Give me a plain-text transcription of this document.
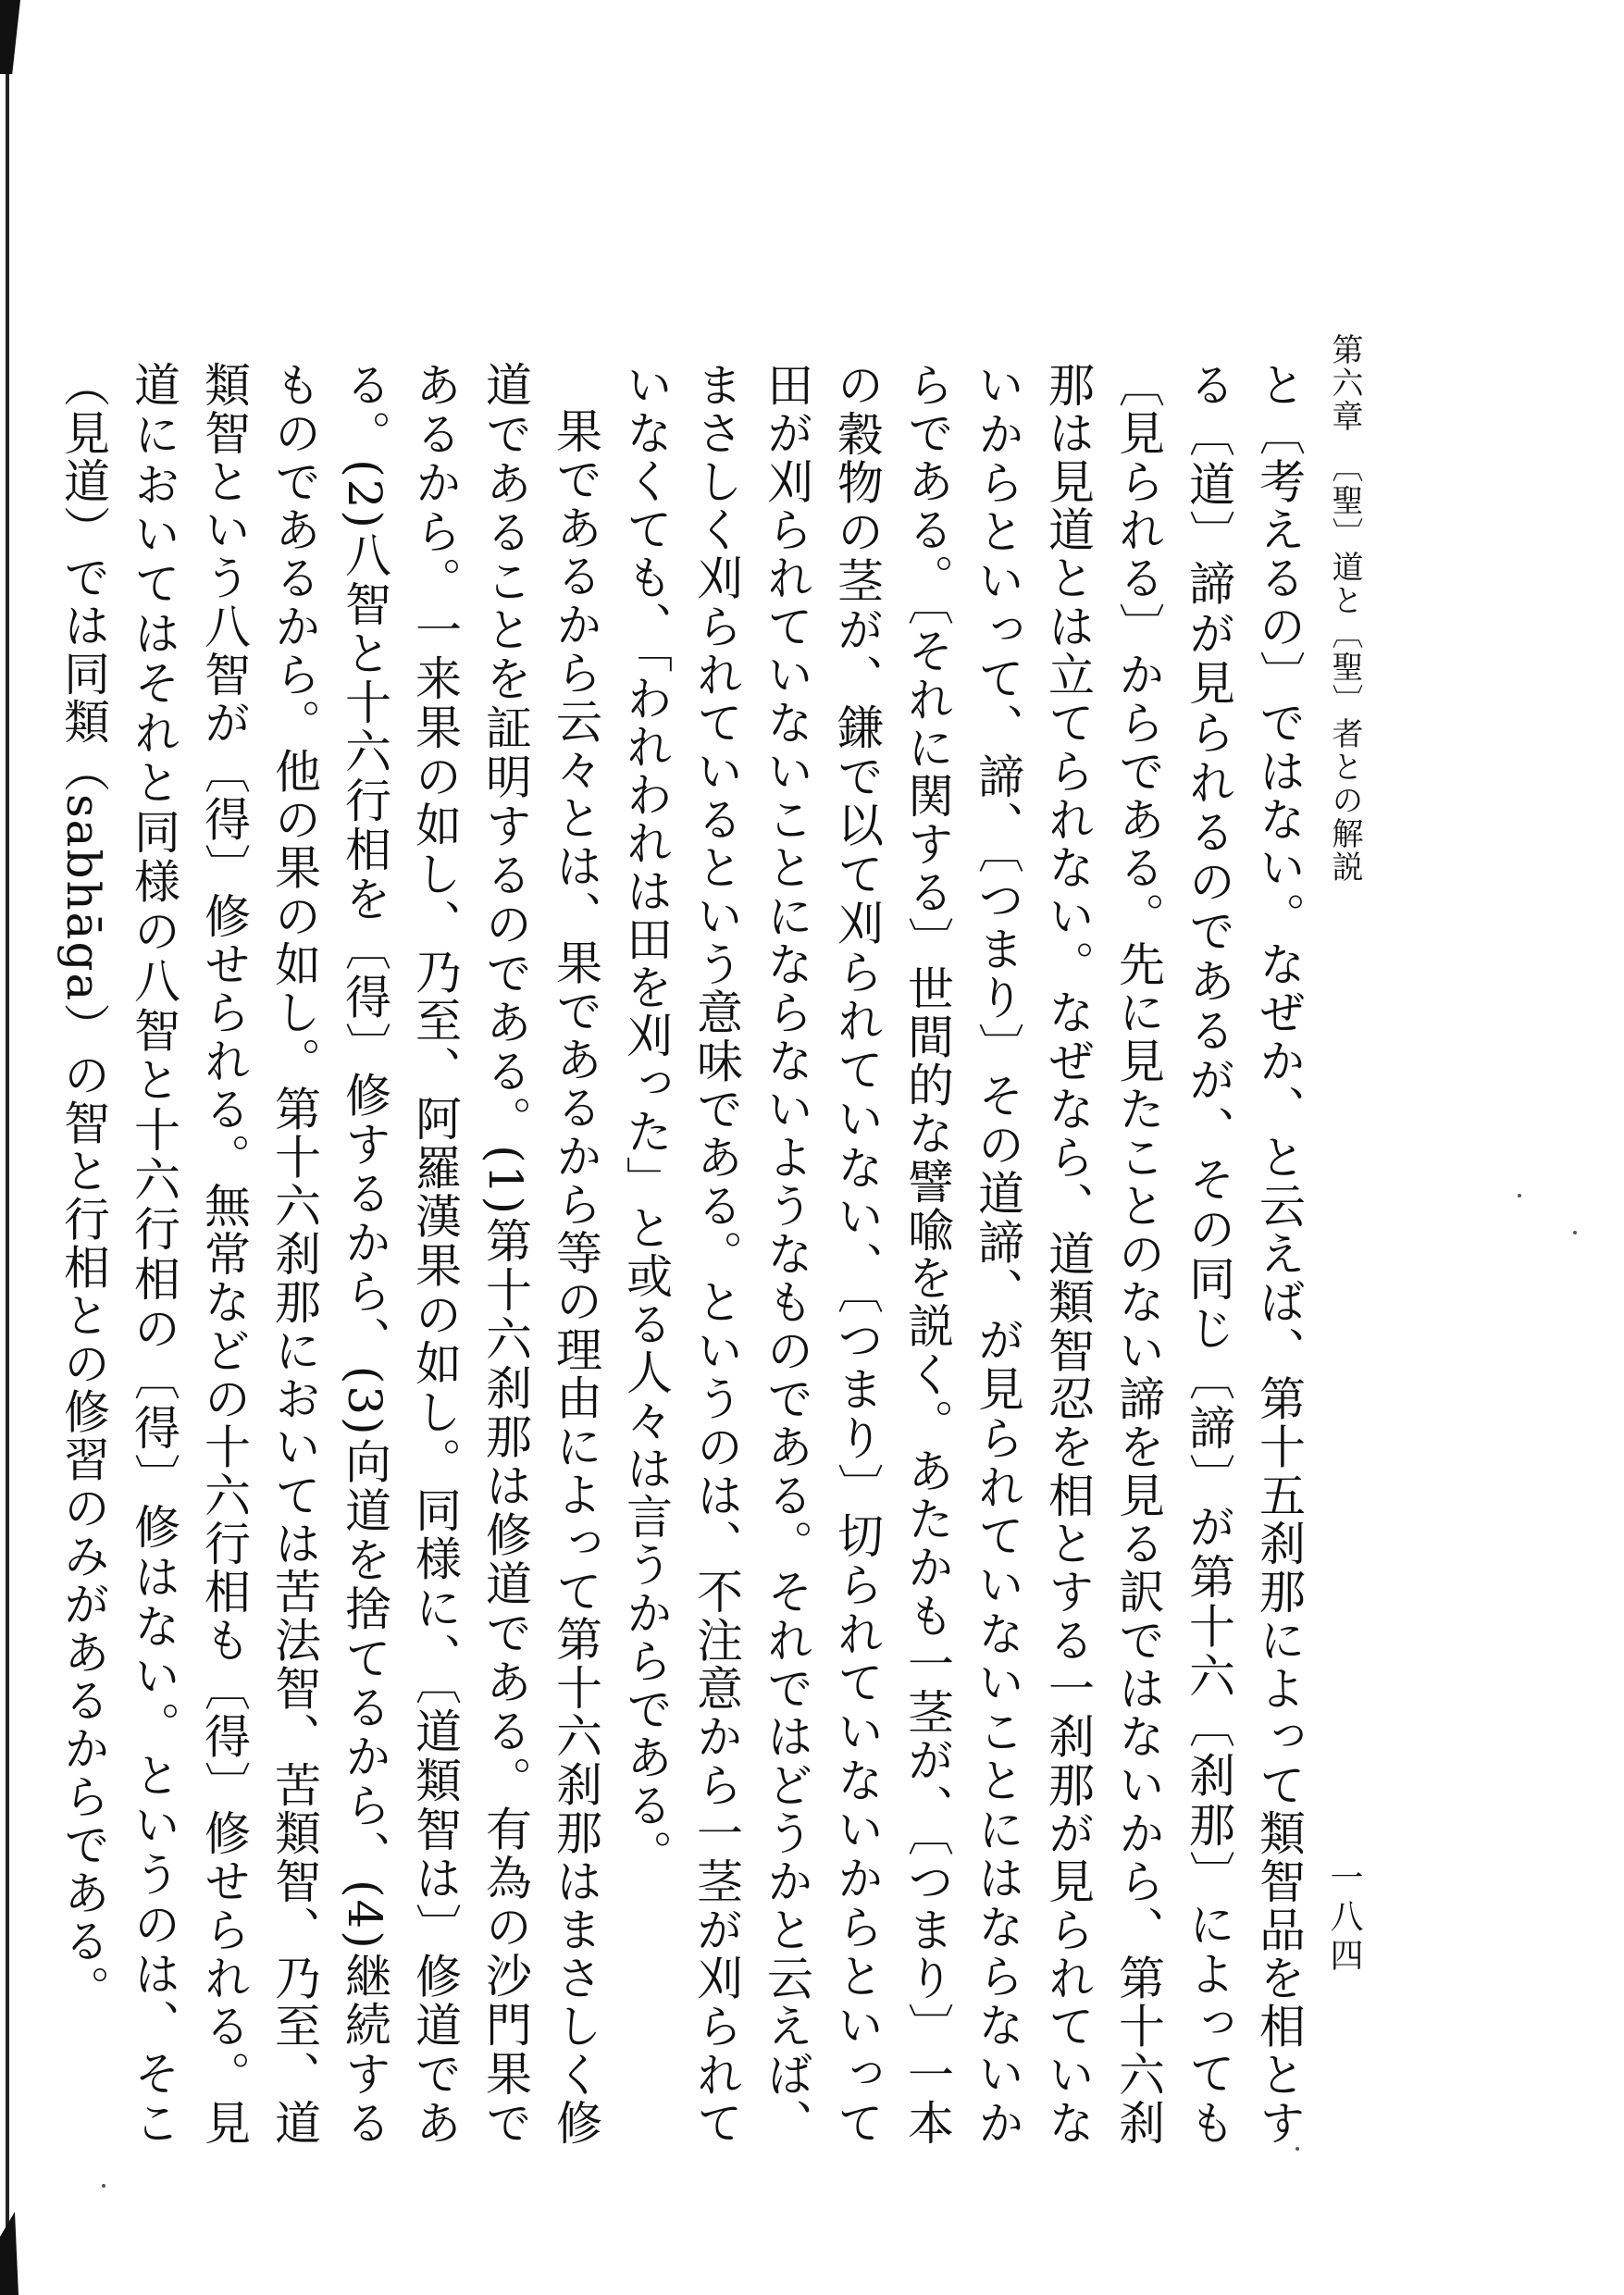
第六章　〔聖〕道と〔聖〕者との解説
一八四

と〔考えるの〕ではない。なぜか、と云えば、第十五刹那によって類智品を相とする〔道〕諦が見られるのであるが、その同じ〔諦〕が第十六〔刹那〕によっても〔見られる〕からである。先に見たことのない諦を見る訳ではないから、第十六刹那は見道とは立てられない。なぜなら、道類智忍を相とする一刹那が見られていないからといって、諦、〔つまり〕その道諦、が見られていないことにはならないからである。〔それに関する〕世間的な譬喩を説く。あたかも一茎が、〔つまり〕一本の穀物の茎が、鎌で以て刈られていない、〔つまり〕切られていないからといって田が刈られていないことにならないようなものである。それではどうかと云えば、まさしく刈られているという意味である。というのは、不注意から一茎が刈られていなくても、「われわれは田を刈った」と或る人々は言うからである。

果であるから云々とは、果であるから等の理由によって第十六刹那はまさしく修道であることを証明するのである。(1)第十六刹那は修道である。有為の沙門果であるから。一来果の如し、乃至、阿羅漢果の如し。同様に、〔道類智は〕修道である。(2)八智と十六行相を〔得〕修するから、(3)向道を捨てるから、(4)継続するものであるから。他の果の如し。第十六刹那においては苦法智、苦類智、乃至、道類智という八智が〔得〕修せられる。無常などの十六行相も〔得〕修せられる。見道においてはそれと同様の八智と十六行相の〔得〕修はない。というのは、そこ（見道）では同類（sabhāga）の智と行相との修習のみがあるからである。
